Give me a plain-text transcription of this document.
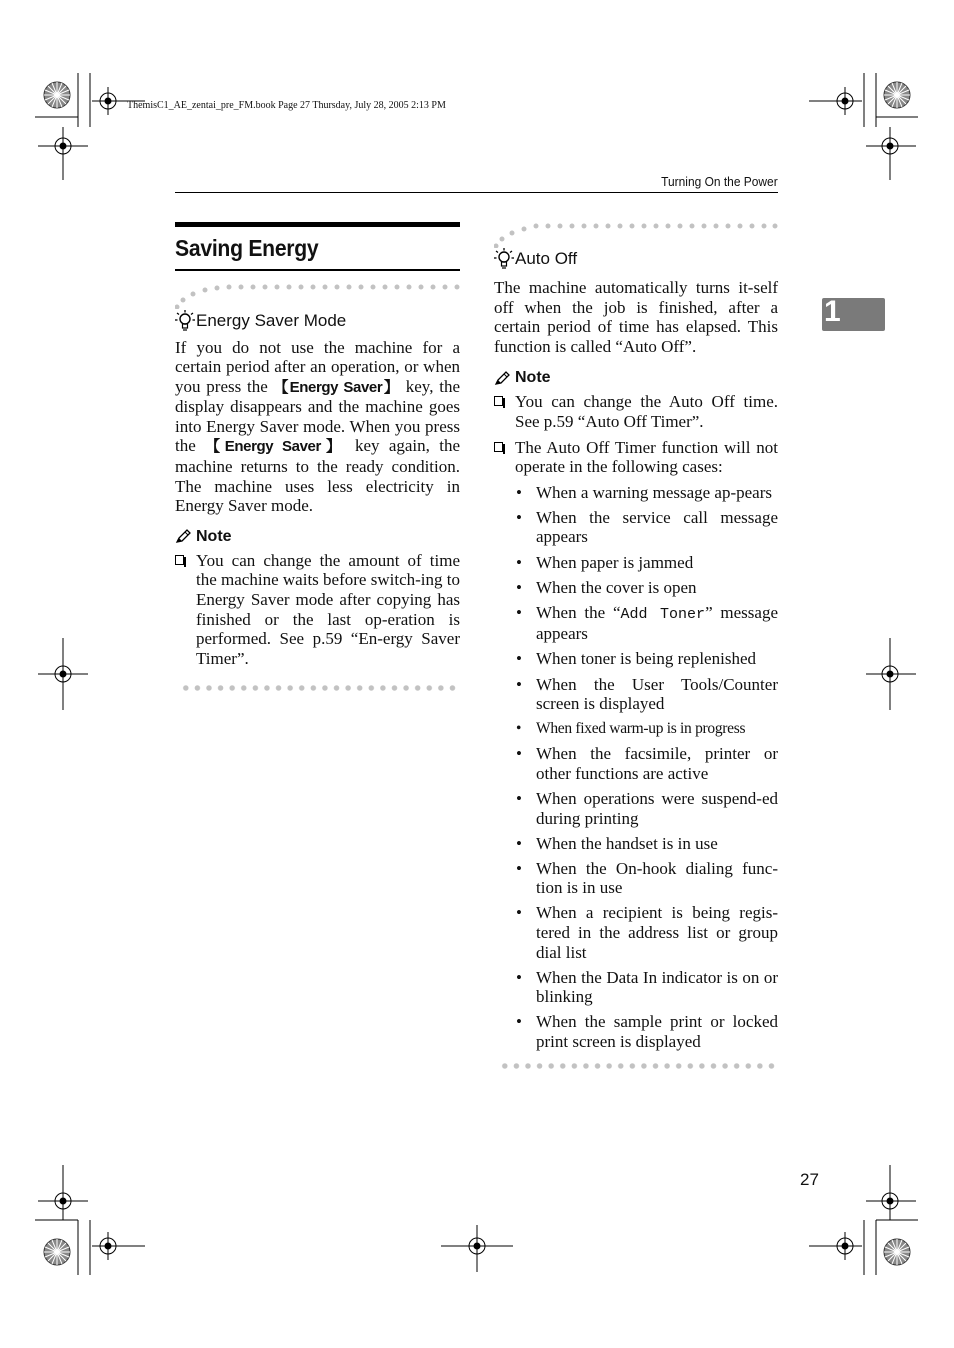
ThemisC1_AE_zentai_pre_FM.book Page 27 Thursday, July 28, 2005 2:13 PM
Turning On the Power
1
Saving Energy
Energy Saver Mode

If you do not use the machine for a certain period after an operation, or when you press the 【Energy Saver】 key, the display disappears and the machine goes into Energy Saver mode. When you press the 【Energy Saver】 key again, the machine returns to the ready condition. The machine uses less electricity in Energy Saver mode.

Note
You can change the amount of time the machine waits before switch-ing to Energy Saver mode after copying has finished or the last op-eration is performed. See p.59 “En-ergy Saver Timer”.
Auto Off

The machine automatically turns it-self off when the job is finished, after a certain period of time has elapsed. This function is called “Auto Off”.

Note
You can change the Auto Off time. See p.59 “Auto Off Timer”.
The Auto Off Timer function will not operate in the following cases:
• When a warning message ap-pears
• When the service call message appears
• When paper is jammed
• When the cover is open
• When the “Add Toner” message appears
• When toner is being replenished
• When the User Tools/Counter screen is displayed
• When fixed warm-up is in progress
• When the facsimile, printer or other functions are active
• When operations were suspend-ed during printing
• When the handset is in use
• When the On-hook dialing func-tion is in use
• When a recipient is being regis-tered in the address list or group dial list
• When the Data In indicator is on or blinking
• When the sample print or locked print screen is displayed
27
